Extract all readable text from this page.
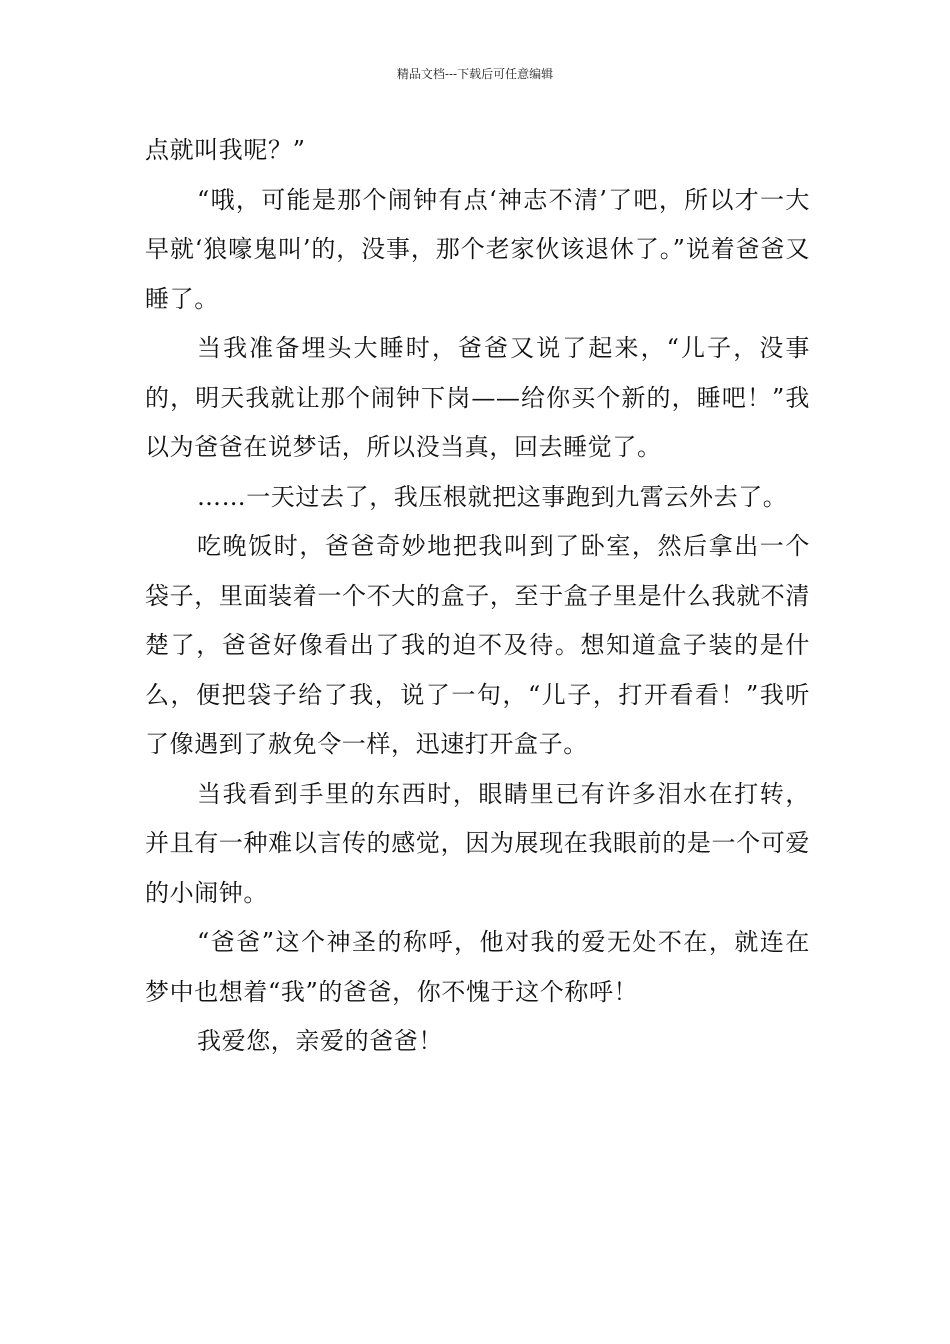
精品文档---下载后可任意编辑

点就叫我呢？”

“哦，可能是那个闹钟有点‘神志不清’了吧，所以才一大早就‘狼嚎鬼叫’的，没事，那个老家伙该退休了。”说着爸爸又睡了。

当我准备埋头大睡时，爸爸又说了起来，“儿子，没事的，明天我就让那个闹钟下岗——给你买个新的，睡吧！”我以为爸爸在说梦话，所以没当真，回去睡觉了。

……一天过去了，我压根就把这事跑到九霄云外去了。

吃晚饭时，爸爸奇妙地把我叫到了卧室，然后拿出一个袋子，里面装着一个不大的盒子，至于盒子里是什么我就不清楚了，爸爸好像看出了我的迫不及待。想知道盒子装的是什么，便把袋子给了我，说了一句，“儿子，打开看看！”我听了像遇到了赦免令一样，迅速打开盒子。

当我看到手里的东西时，眼睛里已有许多泪水在打转，并且有一种难以言传的感觉，因为展现在我眼前的是一个可爱的小闹钟。

“爸爸”这个神圣的称呼，他对我的爱无处不在，就连在梦中也想着“我”的爸爸，你不愧于这个称呼！

我爱您，亲爱的爸爸！
